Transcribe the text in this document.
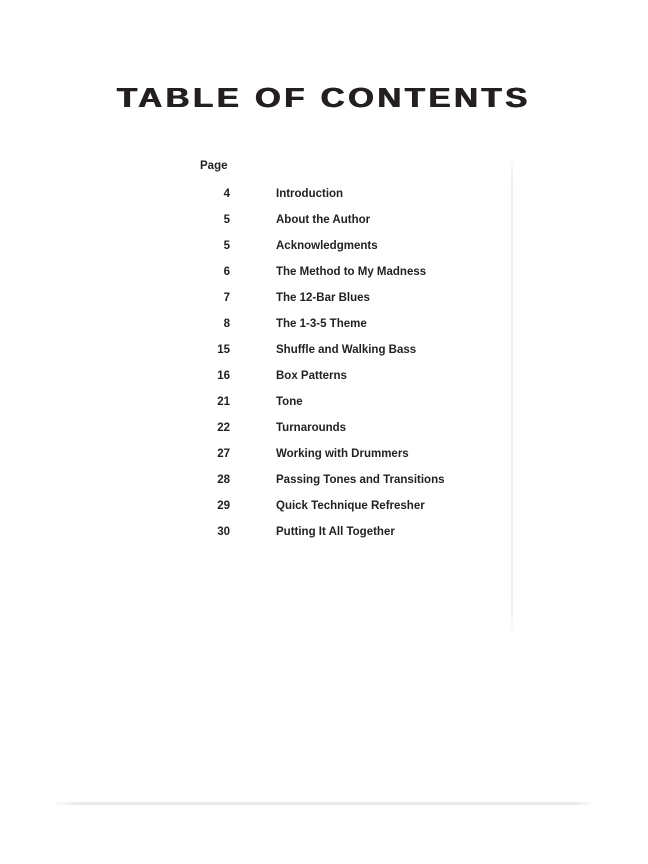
TABLE OF CONTENTS
Page
4	Introduction
5	About the Author
5	Acknowledgments
6	The Method to My Madness
7	The 12-Bar Blues
8	The 1-3-5 Theme
15	Shuffle and Walking Bass
16	Box Patterns
21	Tone
22	Turnarounds
27	Working with Drummers
28	Passing Tones and Transitions
29	Quick Technique Refresher
30	Putting It All Together
